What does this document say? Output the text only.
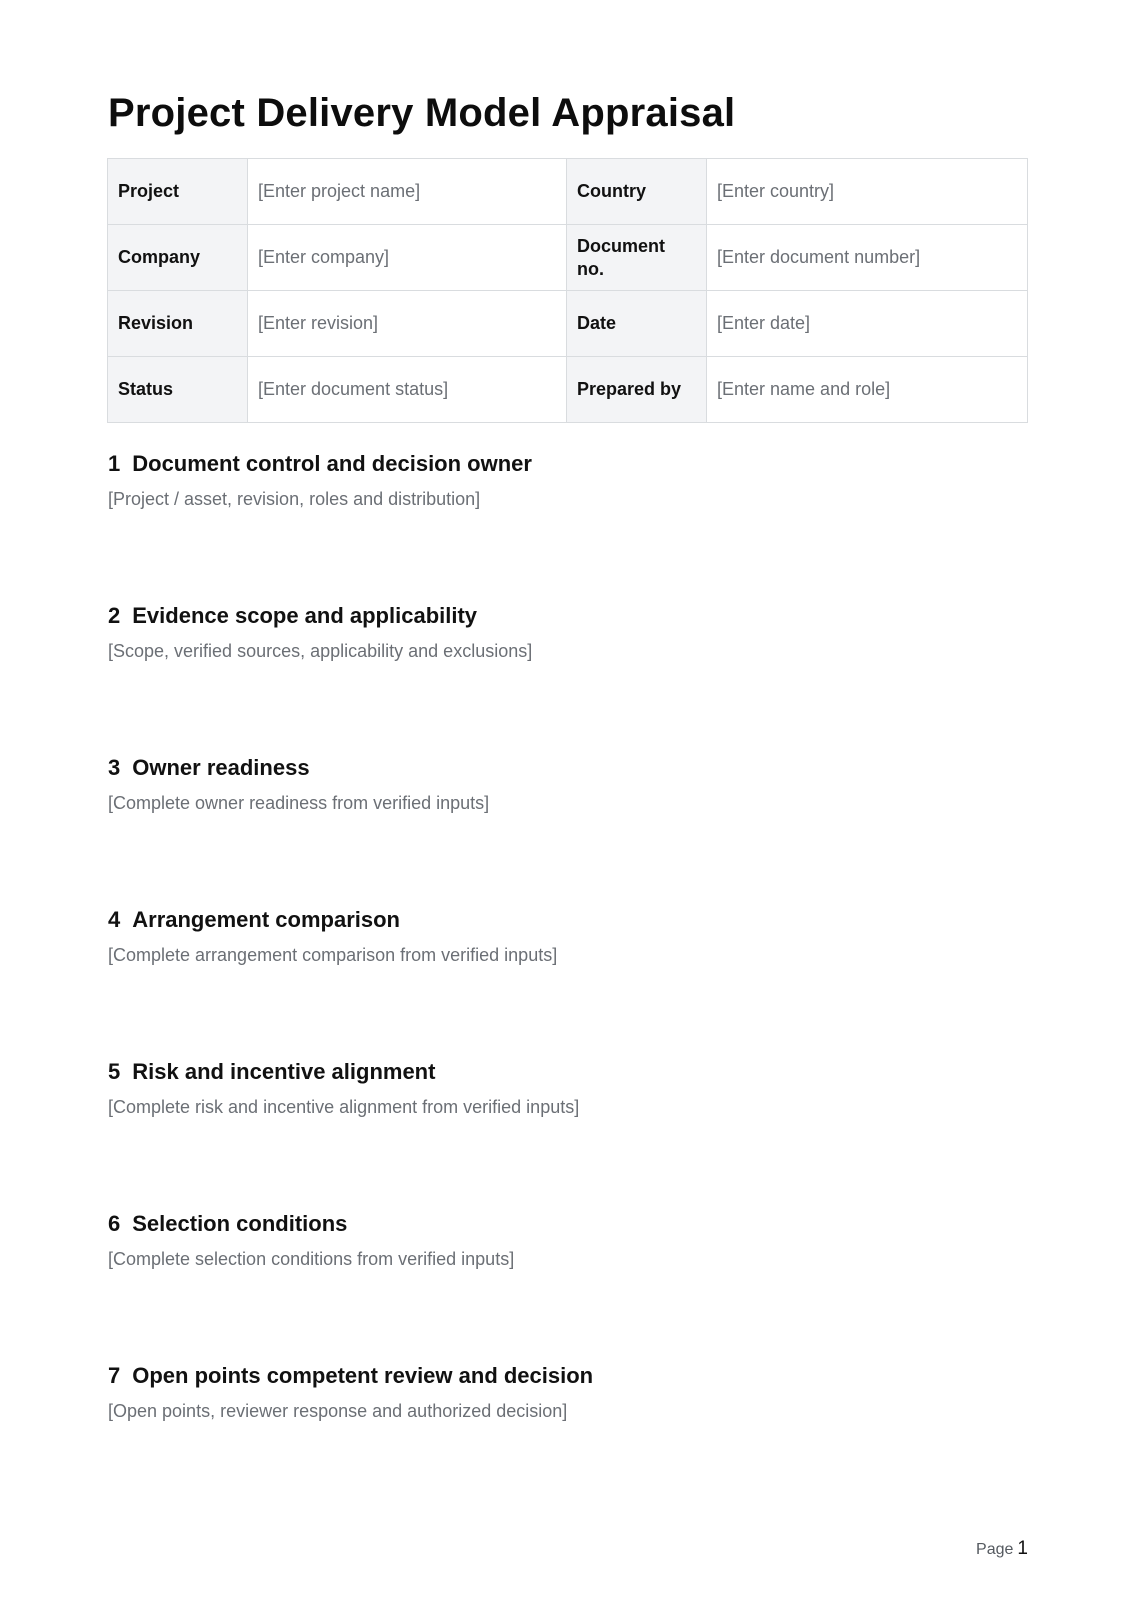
Project Delivery Model Appraisal
Project	[Enter project name]	Country	[Enter country]
Company	[Enter company]	Document no.	[Enter document number]
Revision	[Enter revision]	Date	[Enter date]
Status	[Enter document status]	Prepared by	[Enter name and role]
1 Document control and decision owner

[Project / asset, revision, roles and distribution]

2 Evidence scope and applicability

[Scope, verified sources, applicability and exclusions]

3 Owner readiness

[Complete owner readiness from verified inputs]

4 Arrangement comparison

[Complete arrangement comparison from verified inputs]

5 Risk and incentive alignment

[Complete risk and incentive alignment from verified inputs]

6 Selection conditions

[Complete selection conditions from verified inputs]

7 Open points competent review and decision

[Open points, reviewer response and authorized decision]

Page 1
